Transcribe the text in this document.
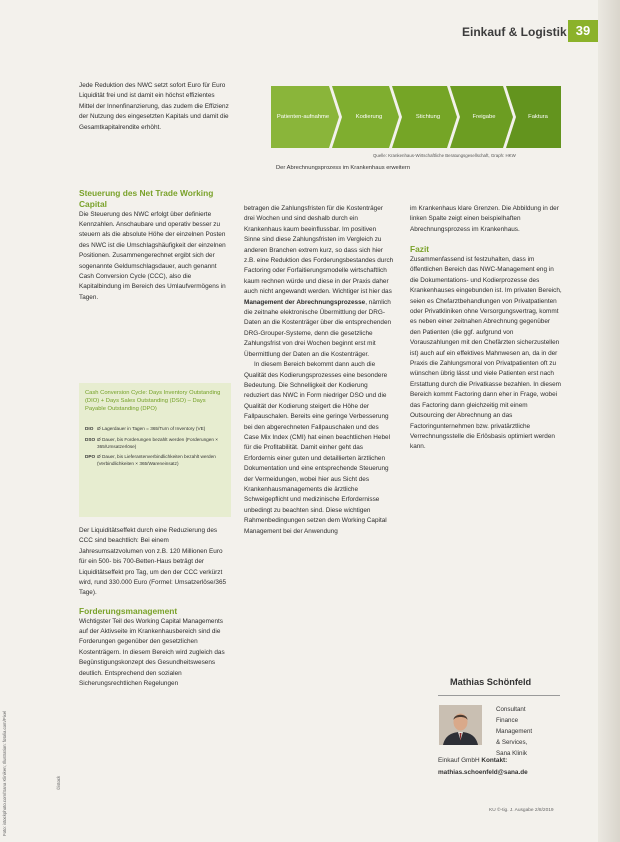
Einkauf & Logistik 39

Jede Reduktion des NWC setzt sofort Euro für Euro Liquidität frei und ist damit ein höchst effizientes Mittel der Innenfinanzierung, das zudem die Effizienz der Nutzung des eingesetzten Kapitals und damit die Gesamtkapitalrendite erhöht.

Patienten-aufnahme	Kodierung	Stichtung	Freigabe	Faktura
Quelle: Krankenhaus-Wirtschaftliche Beratungsgesellschaft, Graph: HKW
Der Abrechnungsprozess im Krankenhaus erweitern

Steuerung des Net Trade Working Capital

Die Steuerung des NWC erfolgt über definierte Kennzahlen. Anschaubare und operativ besser zu steuern als die absolute Höhe der einzelnen Posten des NWC ist die Umschlagshäufigkeit der einzelnen Positionen. Zusammengerechnet ergibt sich der sogenannte Geldumschlagsdauer, auch genannt Cash Conversion Cycle (CCC), also die Kapitalbindung im Bereich des Umlaufvermögens in Tagen.

Cash Conversion Cycle: Days Inventory Outstanding (DIO) + Days Sales Outstanding (DSO) – Days Payable Outstanding (DPO)
DIO Ø Lagerdauer in Tagen = 365/Turn of Inventory (VE)
DSO Ø Dauer, bis Forderungen bezahlt werden (Forderungen × 365/Umsatzerlöse)
DPO Ø Dauer, bis Lieferantenverbindlichkeiten bezahlt werden (Verbindlichkeiten × 365/Wareneinsatz)

Der Liquiditätseffekt durch eine Reduzierung des CCC sind beachtlich: Bei einem Jahresumsatzvolumen von z.B. 120 Millionen Euro für ein 500- bis 700-Betten-Haus beträgt der Liquiditätseffekt pro Tag, um den der CCC verkürzt wird, rund 330.000 Euro (Formel: Umsatzerlöse/365 Tage).

Forderungsmanagement

Wichtigster Teil des Working Capital Managements auf der Aktivseite im Krankenhausbereich sind die Forderungen gegenüber den gesetzlichen Kostenträgern. In diesem Bereich wird zugleich das Begünstigungskonzept des Gesundheitswesens deutlich. Entsprechend den sozialen Sicherungsrechtlichen Regelungen

betragen die Zahlungsfristen für die Kostenträger drei Wochen und sind deshalb durch ein Krankenhaus kaum beeinflussbar. Im positiven Sinne sind diese Zahlungsfristen im Vergleich zu anderen Branchen extrem kurz, so dass sich hier z.B. eine Reduktion des Forderungsbestandes durch Factoring oder Forfaitierungsmodelle wirtschaftlich kaum rechnen würde und diese in der Praxis daher auch nicht angewandt werden. Wichtiger ist hier das Management der Abrechnungsprozesse, nämlich die zeitnahe elektronische Übermittlung der DRG-Daten an die Kostenträger über die entsprechenden DRG-Grouper-Systeme, denn die gesetzliche Zahlungsfrist von drei Wochen beginnt erst mit Übermittlung der Daten an die Kostenträger.

In diesem Bereich bekommt dann auch die Qualität des Kodierungsprozesses eine besondere Bedeutung. Die Schnelligkeit der Kodierung reduziert das NWC in Form niedriger DSO und die Qualität der Kodierung steigert die Höhe der Fallpauschalen. Bereits eine geringe Verbesserung bei den abgerechneten Fallpauschalen und des Case Mix Index (CMI) hat einen beachtlichen Hebel für die Profitabilität. Damit einher geht das Erfordernis einer guten und detaillierten ärztlichen Dokumentation und eine entsprechende Steuerung der Vermeidungen, wobei hier aus Sicht des Krankenhausmanagements die ärztliche Schweigepflicht und medizinische Erfordernisse unbedingt zu beachten sind. Diese wichtigen Rahmenbedingungen setzen dem Working Capital Management bei der Anwendung

im Krankenhaus klare Grenzen. Die Abbildung in der linken Spalte zeigt einen beispielhaften Abrechnungsprozess im Krankenhaus.

Fazit

Zusammenfassend ist festzuhalten, dass im öffentlichen Bereich das NWC-Management eng in die Dokumentations- und Kodierprozesse des Krankenhauses eingebunden ist. Im privaten Bereich, seien es Chefarztbehandlungen von Privatpatienten oder Privatkliniken ohne Versorgungsvertrag, kommt es neben einer zeitnahen Abrechnung gegenüber den Patienten (die ggf. aufgrund von Vorauszahlungen mit den Chefärzten sicherzustellen ist) auch auf ein effektives Mahnwesen an, da in der Praxis die Zahlungsmoral von Privatpatienten oft zu wünschen übrig lässt und viele Patienten erst nach Erstattung durch die Privatkasse bezahlen. In diesem Bereich kommt Factoring dann eher in Frage, wobei das Factoring dann gleichzeitig mit einem Outsourcing der Abrechnung an das Factoringunternehmen bzw. privatärztliche Verrechnungsstelle die Erlösbasis optimiert werden kann.

Mathias Schönfeld
Consultant
Finance
Management
& Services,
Sana Klinik
Einkauf GmbH Kontakt:
mathias.schoenfeld@sana.de
Foto: istockphoto.com/Sana Kliniken; Illustration: fotolia.com/Pixel	©istock
KU ©-tig. J. Ausgabe 2/8/2019
